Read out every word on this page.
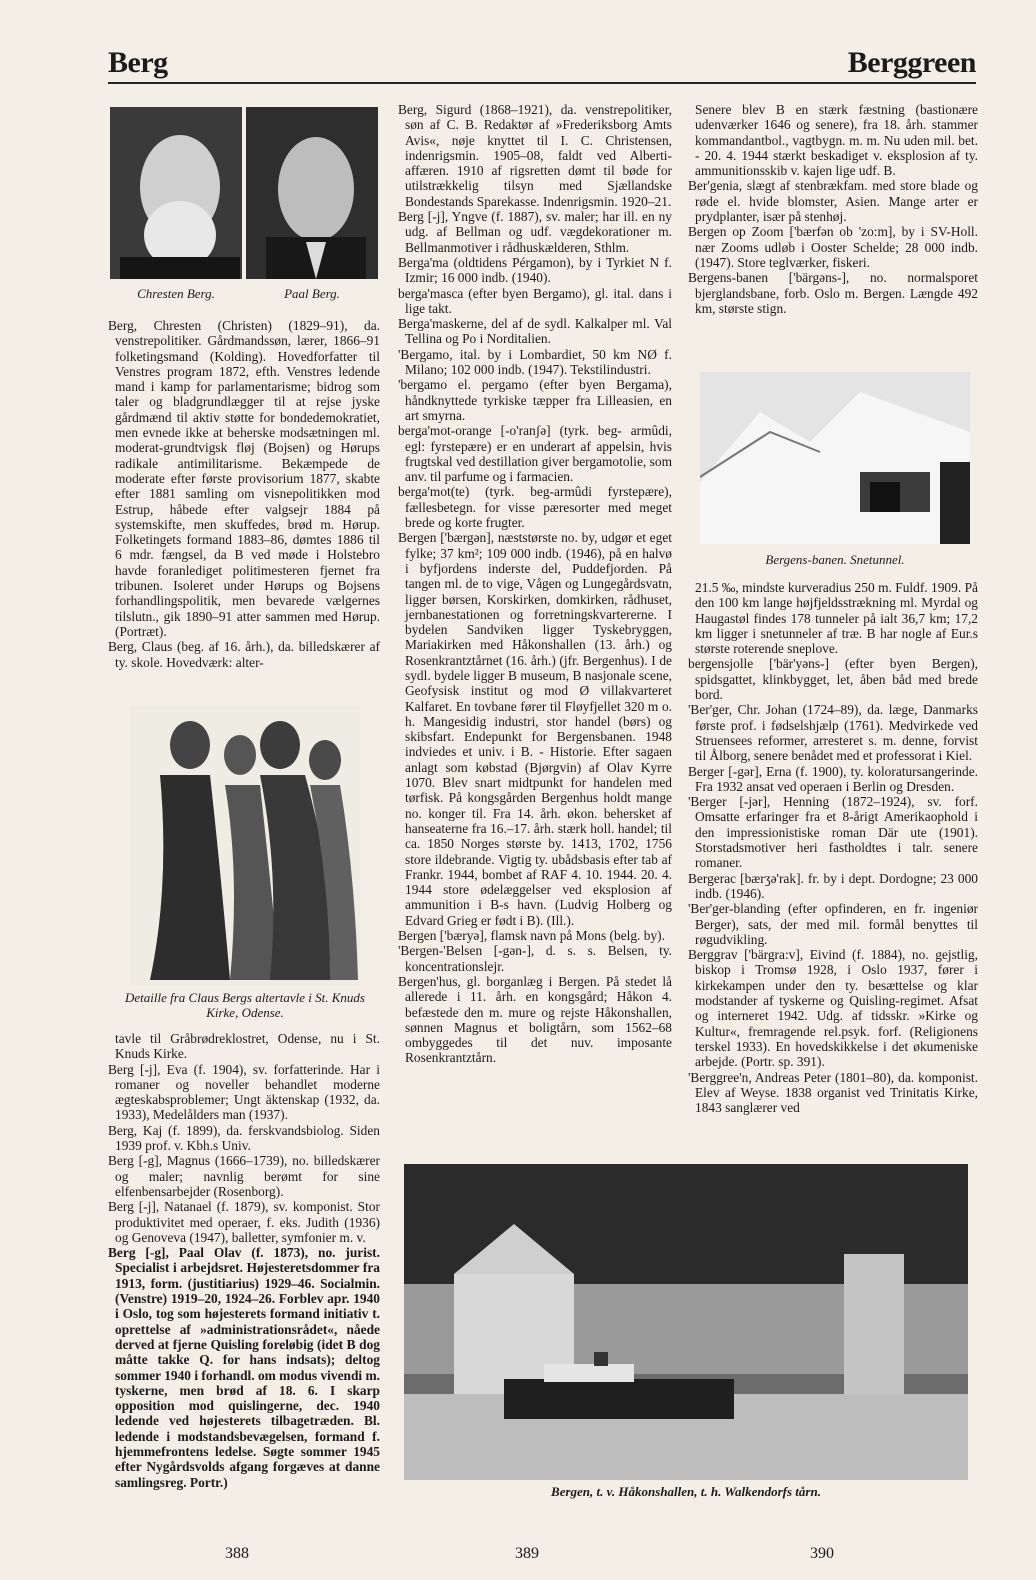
Berg	Berggreen
Chresten Berg.	Paal Berg.

Berg, Chresten (Christen) (1829–91), da. venstrepolitiker. Gårdmandssøn, lærer, 1866–91 folketingsmand (Kolding). Hovedforfatter til Venstres program 1872, efth. Venstres ledende mand i kamp for parlamentarisme; bidrog som taler og bladgrundlægger til at rejse jyske gårdmænd til aktiv støtte for bondedemokratiet, men evnede ikke at beherske modsætningen ml. moderat-grundtvigsk fløj (Bojsen) og Hørups radikale antimilitarisme. Bekæmpede de moderate efter første provisorium 1877, skabte efter 1881 samling om visnepolitikken mod Estrup, håbede efter valgsejr 1884 på systemskifte, men skuffedes, brød m. Hørup. Folketingets formand 1883–86, dømtes 1886 til 6 mdr. fængsel, da B ved møde i Holstebro havde foranlediget politimesteren fjernet fra tribunen. Isoleret under Hørups og Bojsens forhandlingspolitik, men bevarede vælgernes tilslutn., gik 1890–91 atter sammen med Hørup. (Portræt).

Berg, Claus (beg. af 16. årh.), da. billedskærer af ty. skole. Hovedværk: alter-

Detaille fra Claus Bergs altertavle i St. Knuds Kirke, Odense.

tavle til Gråbrødreklostret, Odense, nu i St. Knuds Kirke.

Berg [-j], Eva (f. 1904), sv. forfatterinde. Har i romaner og noveller behandlet moderne ægteskabsproblemer; Ungt äktenskap (1932, da. 1933), Medelålders man (1937).

Berg, Kaj (f. 1899), da. ferskvandsbiolog. Siden 1939 prof. v. Kbh.s Univ.

Berg [-g], Magnus (1666–1739), no. billedskærer og maler; navnlig berømt for sine elfenbensarbejder (Rosenborg).

Berg [-j], Natanael (f. 1879), sv. komponist. Stor produktivitet med operaer, f. eks. Judith (1936) og Genoveva (1947), balletter, symfonier m. v.

Berg [-g], Paal Olav (f. 1873), no. jurist. Specialist i arbejdsret. Højesteretsdommer fra 1913, form. (justitiarius) 1929–46. Socialmin. (Venstre) 1919–20, 1924–26. Forblev apr. 1940 i Oslo, tog som højesterets formand initiativ t. oprettelse af »administrationsrådet«, nåede derved at fjerne Quisling foreløbig (idet B dog måtte takke Q. for hans indsats); deltog sommer 1940 i forhandl. om modus vivendi m. tyskerne, men brød af 18. 6. I skarp opposition mod quislingerne, dec. 1940 ledende ved højesterets tilbagetræden. Bl. ledende i modstandsbevægelsen, formand f. hjemmefrontens ledelse. Søgte sommer 1945 efter Nygårdsvolds afgang forgæves at danne samlingsreg. Portr.)

Berg, Sigurd (1868–1921), da. venstrepolitiker, søn af C. B. Redaktør af »Frederiksborg Amts Avis«, nøje knyttet til I. C. Christensen, indenrigsmin. 1905–08, faldt ved Alberti-affæren. 1910 af rigsretten dømt til bøde for utilstrækkelig tilsyn med Sjællandske Bondestands Sparekasse. Indenrigsmin. 1920–21.

Berg [-j], Yngve (f. 1887), sv. maler; har ill. en ny udg. af Bellman og udf. vægdekorationer m. Bellmanmotiver i rådhuskælderen, Sthlm.

Berga'ma (oldtidens Pérgamon), by i Tyrkiet N f. Izmir; 16 000 indb. (1940).

berga'masca (efter byen Bergamo), gl. ital. dans i lige takt.

Berga'maskerne, del af de sydl. Kalkalper ml. Val Tellina og Po i Norditalien.

'Bergamo, ital. by i Lombardiet, 50 km NØ f. Milano; 102 000 indb. (1947). Tekstilindustri.

'bergamo el. pergamo (efter byen Bergama), håndknyttede tyrkiske tæpper fra Lilleasien, en art smyrna.

berga'mot-orange [-o'ranʃə] (tyrk. beg- armûdi, egl: fyrstepære) er en underart af appelsin, hvis frugtskal ved destillation giver bergamotolie, som anv. til parfume og i farmacien.

berga'mot(te) (tyrk. beg-armûdi fyrstepære), fællesbetegn. for visse pæresorter med meget brede og korte frugter.

Bergen ['bærgən], næststørste no. by, udgør et eget fylke; 37 km²; 109 000 indb. (1946), på en halvø i byfjordens inderste del, Puddefjorden. På tangen ml. de to vige, Vågen og Lungegårdsvatn, ligger børsen, Korskirken, domkirken, rådhuset, jernbanestationen og forretningskvartererne. I bydelen Sandviken ligger Tyskebryggen, Mariakirken med Håkonshallen (13. årh.) og Rosenkrantztårnet (16. årh.) (jfr. Bergenhus). I de sydl. bydele ligger B museum, B nasjonale scene, Geofysisk institut og mod Ø villakvarteret Kalfaret. En tovbane fører til Fløyfjellet 320 m o. h. Mangesidig industri, stor handel (børs) og skibsfart. Endepunkt for Bergensbanen. 1948 indviedes et univ. i B. - Historie. Efter sagaen anlagt som købstad (Bjørgvin) af Olav Kyrre 1070. Blev snart midtpunkt for handelen med tørfisk. På kongsgården Bergenhus holdt mange no. konger til. Fra 14. årh. økon. behersket af hanseaterne fra 16.–17. årh. stærk holl. handel; til ca. 1850 Norges største by. 1413, 1702, 1756 store ildebrande. Vigtig ty. ubådsbasis efter tab af Frankr. 1944, bombet af RAF 4. 10. 1944. 20. 4. 1944 store ødelæggelser ved eksplosion af ammunition i B-s havn. (Ludvig Holberg og Edvard Grieg er født i B). (Ill.).

Bergen ['bæryə], flamsk navn på Mons (belg. by).

'Bergen-'Belsen [-gən-], d. s. s. Belsen, ty. koncentrationslejr.

Bergen'hus, gl. borganlæg i Bergen. På stedet lå allerede i 11. årh. en kongsgård; Håkon 4. befæstede den m. mure og rejste Håkonshallen, sønnen Magnus et boligtårn, som 1562–68 ombyggedes til det nuv. imposante Rosenkrantztårn.

Senere blev B en stærk fæstning (bastionære udenværker 1646 og senere), fra 18. årh. stammer kommandantbol., vagtbygn. m. m. Nu uden mil. bet. - 20. 4. 1944 stærkt beskadiget v. eksplosion af ty. ammunitionsskib v. kajen lige udf. B.

Ber'genia, slægt af stenbrækfam. med store blade og røde el. hvide blomster, Asien. Mange arter er prydplanter, især på stenhøj.

Bergen op Zoom ['bærfən ob 'zo:m], by i SV-Holl. nær Zooms udløb i Ooster Schelde; 28 000 indb. (1947). Store teglværker, fiskeri.

Bergens-banen ['bärgəns-], no. normalsporet bjerglandsbane, forb. Oslo m. Bergen. Længde 492 km, største stign.

Bergens-banen. Snetunnel.

21.5 ‰, mindste kurveradius 250 m. Fuldf. 1909. På den 100 km lange højfjeldsstrækning ml. Myrdal og Haugastøl findes 178 tunneler på ialt 36,7 km; 17,2 km ligger i snetunneler af træ. B har nogle af Eur.s største roterende sneplove.

bergensjolle ['bär'yəns-] (efter byen Bergen), spidsgattet, klinkbygget, let, åben båd med brede bord.

'Ber'ger, Chr. Johan (1724–89), da. læge, Danmarks første prof. i fødselshjælp (1761). Medvirkede ved Struensees reformer, arresteret s. m. denne, forvist til Ålborg, senere benådet med et professorat i Kiel.

Berger [-gər], Erna (f. 1900), ty. koloratursangerinde. Fra 1932 ansat ved operaen i Berlin og Dresden.

'Berger [-jər], Henning (1872–1924), sv. forf. Omsatte erfaringer fra et 8-årigt Amerikaophold i den impressionistiske roman Där ute (1901). Storstadsmotiver heri fastholdtes i talr. senere romaner.

Bergerac [bærʒə'rak]. fr. by i dept. Dordogne; 23 000 indb. (1946).

'Ber'ger-blanding (efter opfinderen, en fr. ingeniør Berger), sats, der med mil. formål benyttes til røgudvikling.

Berggrav ['bärgra:v], Eivind (f. 1884), no. gejstlig, biskop i Tromsø 1928, i Oslo 1937, fører i kirkekampen under den ty. besættelse og klar modstander af tyskerne og Quisling-regimet. Afsat og interneret 1942. Udg. af tidsskr. »Kirke og Kultur«, fremragende rel.psyk. forf. (Religionens terskel 1933). En hovedskikkelse i det økumeniske arbejde. (Portr. sp. 391).

'Berggree'n, Andreas Peter (1801–80), da. komponist. Elev af Weyse. 1838 organist ved Trinitatis Kirke, 1843 sanglærer ved

Bergen, t. v. Håkonshallen, t. h. Walkendorfs tårn.
388	389	390
